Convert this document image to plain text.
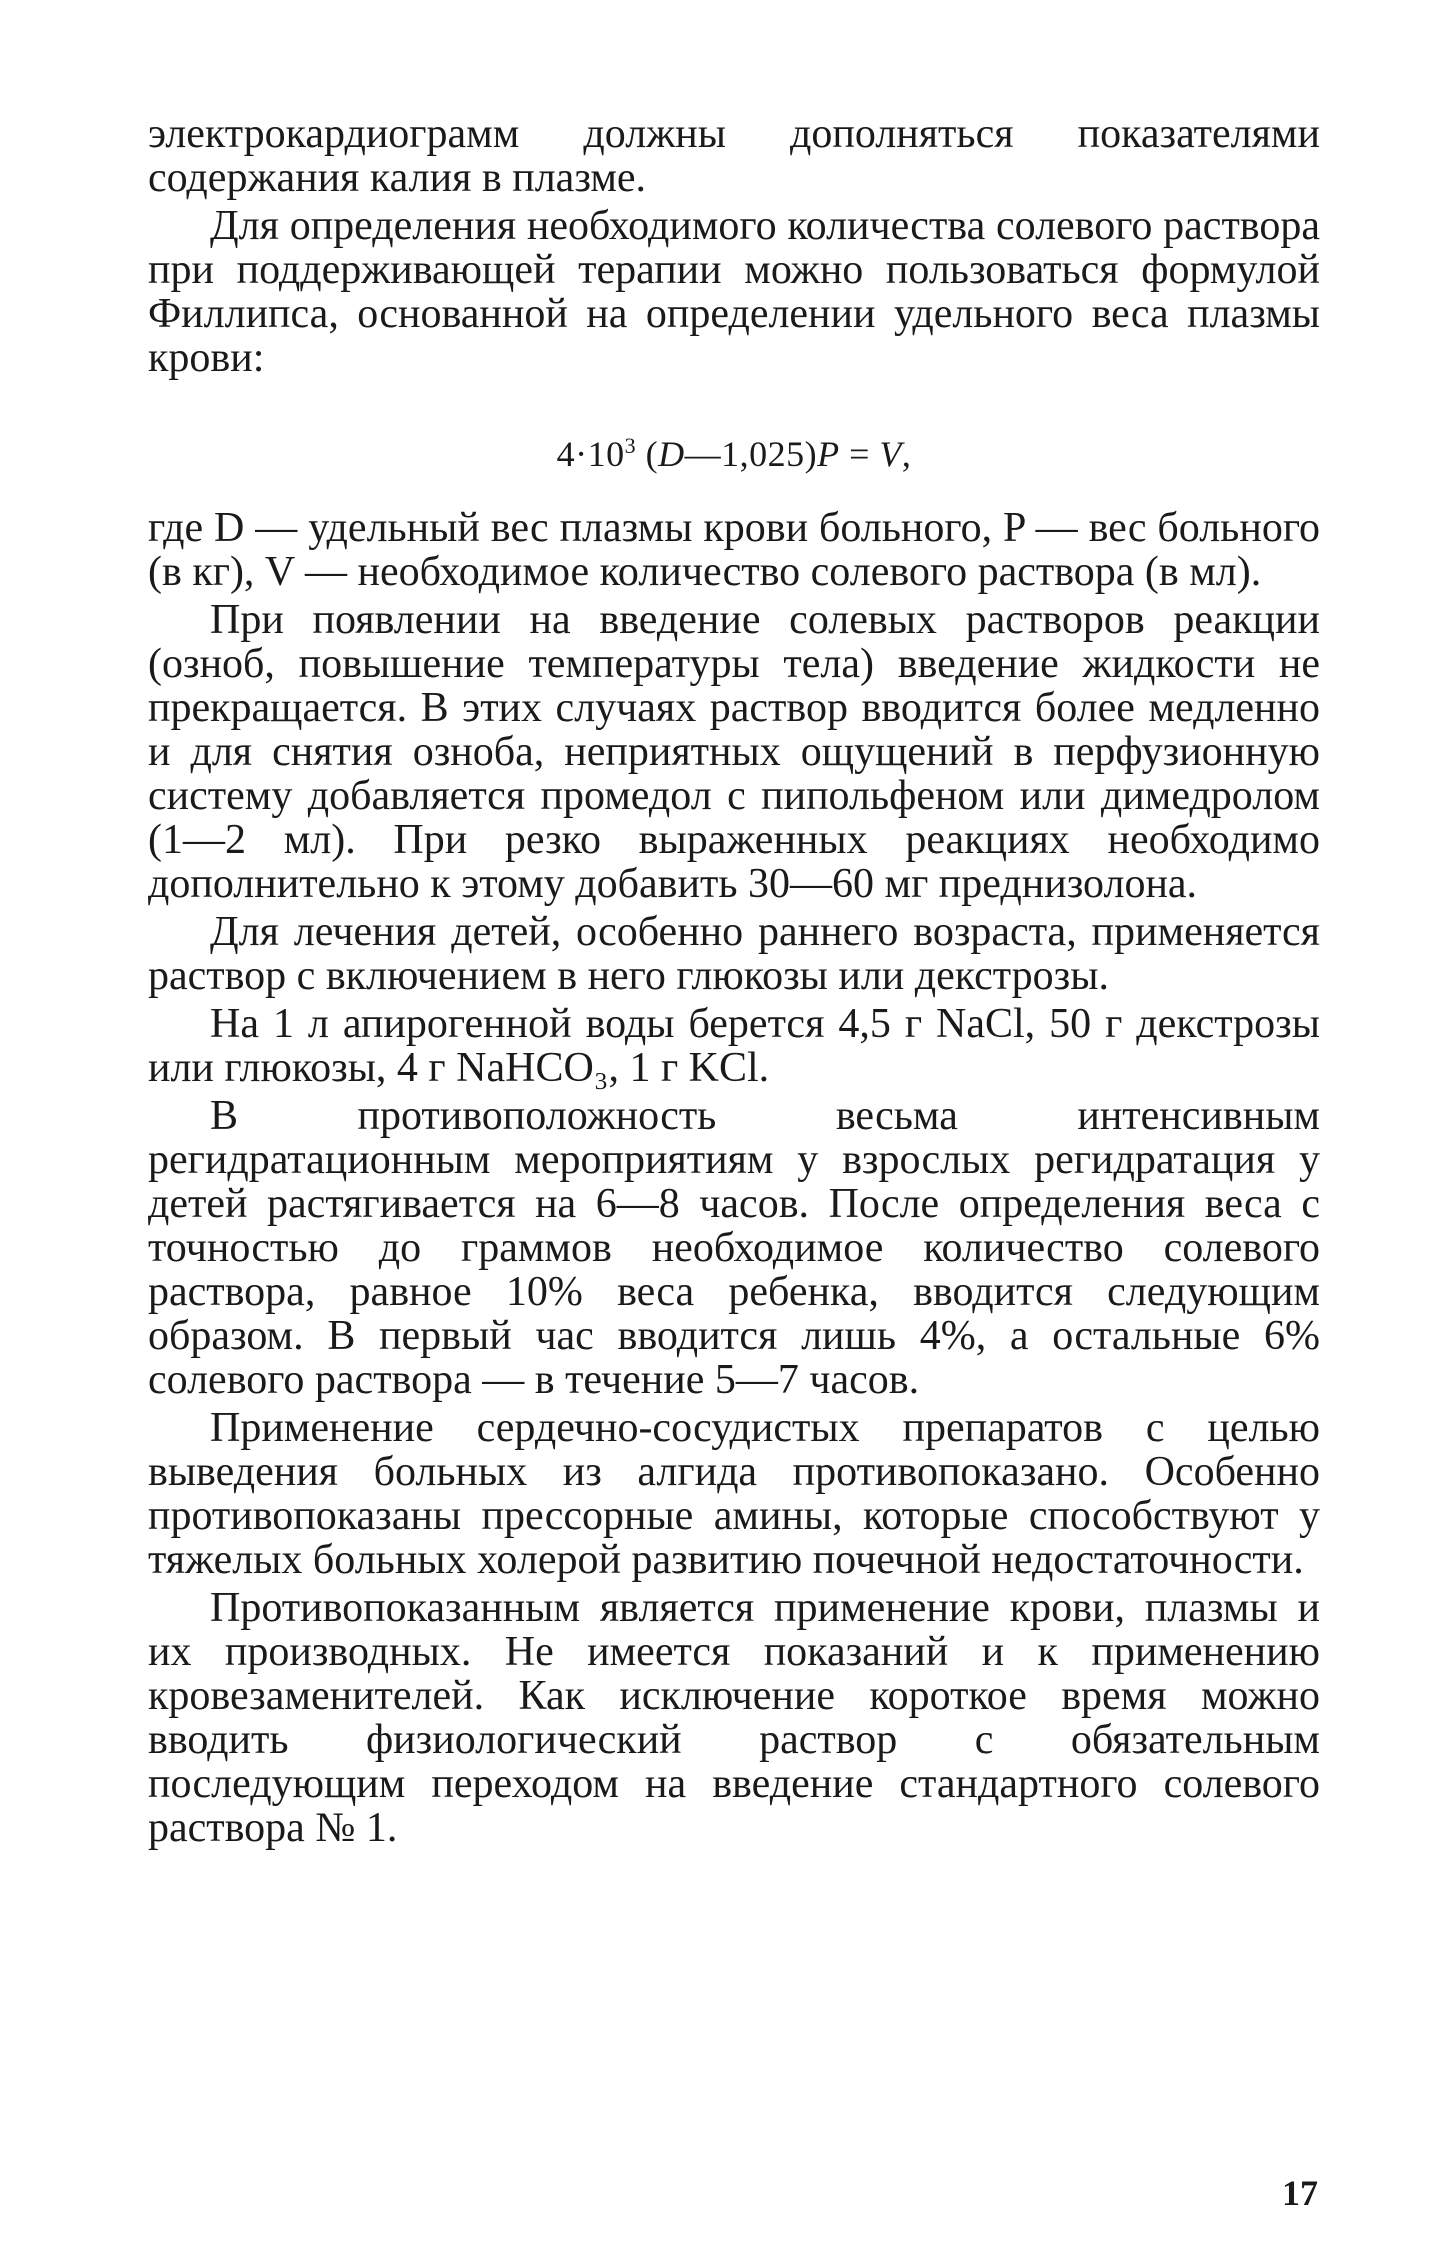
электрокардиограмм должны дополняться показателями содержания калия в плазме.

Для определения необходимого количества солевого раствора при поддерживающей терапии можно пользоваться формулой Филлипса, основанной на определении удельного веса плазмы крови:

$4\cdot 10^3$ (D—1,025)P = V,

где D — удельный вес плазмы крови больного, P — вес больного (в кг), V — необходимое количество солевого раствора (в мл).

При появлении на введение солевых растворов реакции (озноб, повышение температуры тела) введение жидкости не прекращается. В этих случаях раствор вводится более медленно и для снятия озноба, неприятных ощущений в перфузионную систему добавляется промедол с пипольфеном или димедролом (1—2 мл). При резко выраженных реакциях необходимо дополнительно к этому добавить 30—60 мг преднизолона.

Для лечения детей, особенно раннего возраста, применяется раствор с включением в него глюкозы или декстрозы.

На 1 л апирогенной воды берется 4,5 г NaCl, 50 г декстрозы или глюкозы, 4 г NaHCO₃, 1 г KCl.

В противоположность весьма интенсивным регидратационным мероприятиям у взрослых регидратация у детей растягивается на 6—8 часов. После определения веса с точностью до граммов необходимое количество солевого раствора, равное 10% веса ребенка, вводится следующим образом. В первый час вводится лишь 4%, а остальные 6% солевого раствора — в течение 5—7 часов.

Применение сердечно-сосудистых препаратов с целью выведения больных из алгида противопоказано. Особенно противопоказаны прессорные амины, которые способствуют у тяжелых больных холерой развитию почечной недостаточности.

Противопоказанным является применение крови, плазмы и их производных. Не имеется показаний и к применению кровезаменителей. Как исключение короткое время можно вводить физиологический раствор с обязательным последующим переходом на введение стандартного солевого раствора № 1.

17
